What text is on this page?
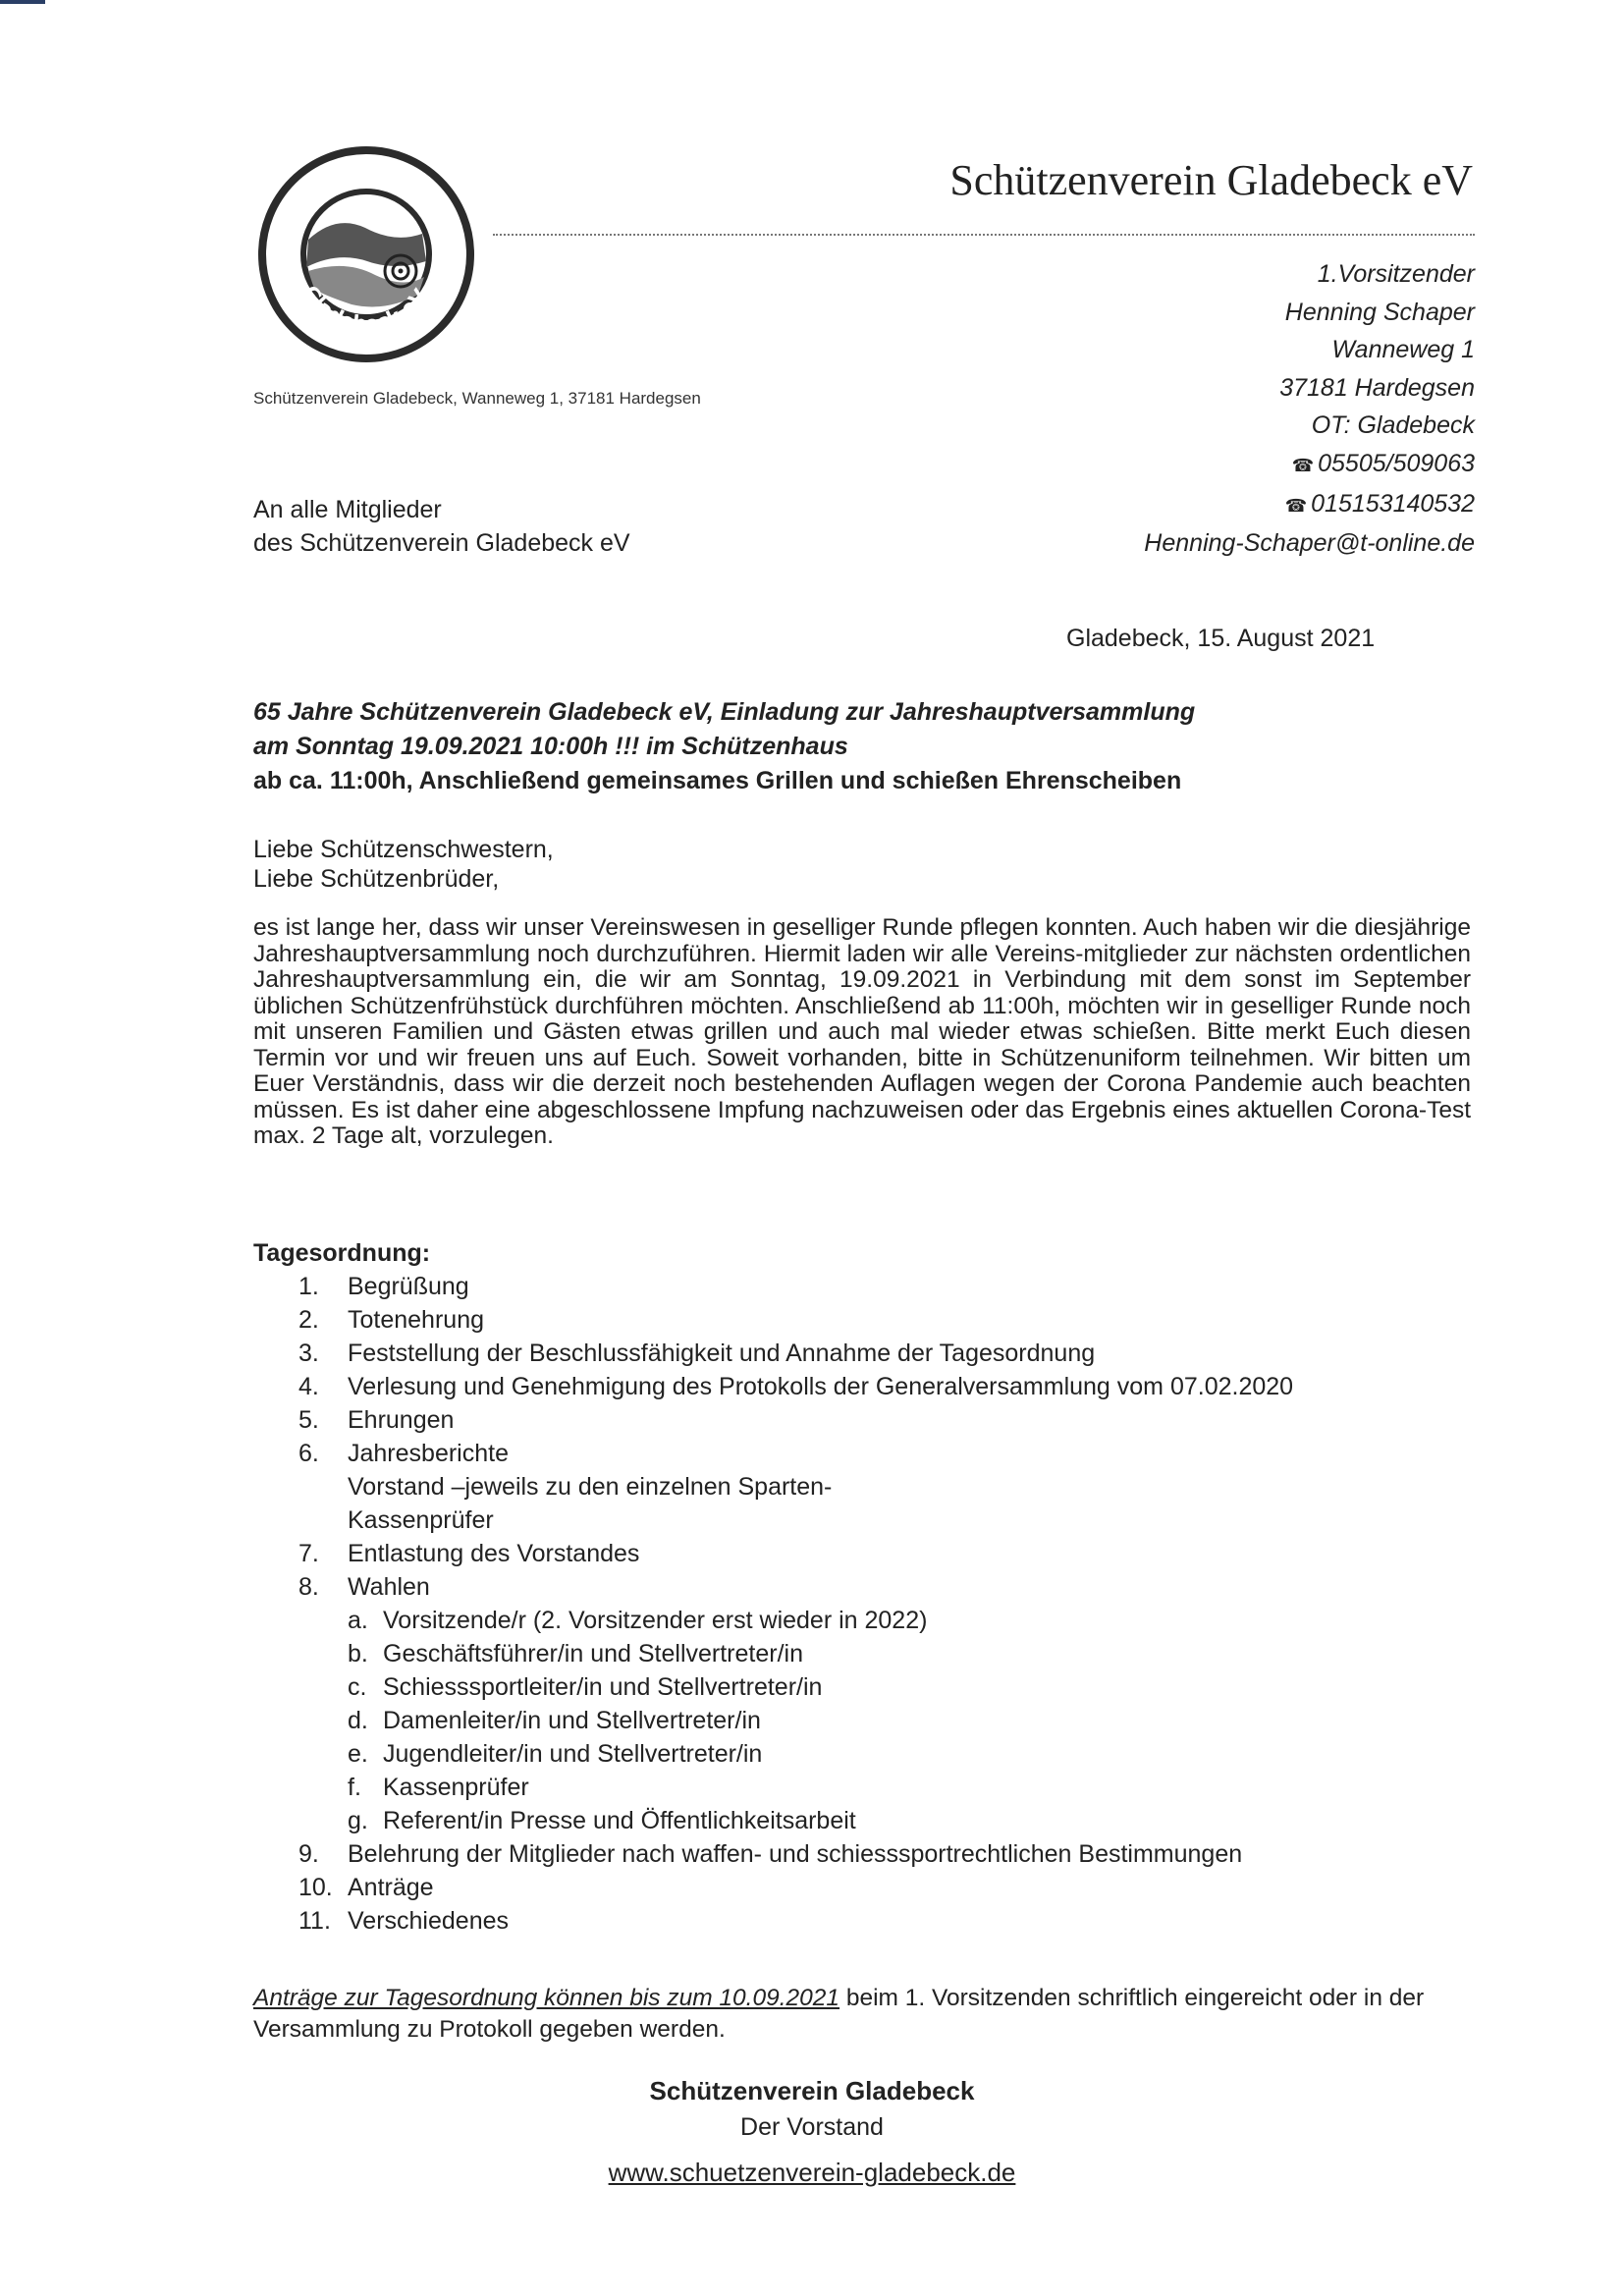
Schützenverein
Gladebeck eV.
Schützenverein Gladebeck eV
1.Vorsitzender
Henning Schaper
Wanneweg 1
37181 Hardegsen
OT: Gladebeck
☎ 05505/509063
☎ 015153140532
Henning-Schaper@t-online.de
Schützenverein Gladebeck, Wanneweg 1, 37181 Hardegsen
An alle Mitglieder
des Schützenverein Gladebeck eV
Gladebeck, 15. August 2021
65 Jahre Schützenverein Gladebeck eV, Einladung zur Jahreshauptversammlung
am Sonntag 19.09.2021 10:00h !!! im Schützenhaus
ab ca. 11:00h, Anschließend gemeinsames Grillen und schießen Ehrenscheiben
Liebe Schützenschwestern,
Liebe Schützenbrüder,
es ist lange her, dass wir unser Vereinswesen in geselliger Runde pflegen konnten. Auch haben wir die diesjährige Jahreshauptversammlung noch durchzuführen. Hiermit laden wir alle Vereins-mitglieder zur nächsten ordentlichen Jahreshauptversammlung ein, die wir am Sonntag, 19.09.2021 in Verbindung mit dem sonst im September üblichen Schützenfrühstück durchführen möchten. Anschließend ab 11:00h, möchten wir in geselliger Runde noch mit unseren Familien und Gästen etwas grillen und auch mal wieder etwas schießen. Bitte merkt Euch diesen Termin vor und wir freuen uns auf Euch. Soweit vorhanden, bitte in Schützenuniform teilnehmen. Wir bitten um Euer Verständnis, dass wir die derzeit noch bestehenden Auflagen wegen der Corona Pandemie auch beachten müssen. Es ist daher eine abgeschlossene Impfung nachzuweisen oder das Ergebnis eines aktuellen Corona-Test max. 2 Tage alt, vorzulegen.
Tagesordnung:
1.	Begrüßung
2.	Totenehrung
3.	Feststellung der Beschlussfähigkeit und Annahme der Tagesordnung
4.	Verlesung und Genehmigung des Protokolls der Generalversammlung vom 07.02.2020
5.	Ehrungen
6.	Jahresberichte
Vorstand –jeweils zu den einzelnen Sparten-
Kassenprüfer
7.	Entlastung des Vorstandes
8.	Wahlen
a. Vorsitzende/r (2. Vorsitzender erst wieder in 2022)
b. Geschäftsführer/in und Stellvertreter/in
c. Schiesssportleiter/in und Stellvertreter/in
d. Damenleiter/in und Stellvertreter/in
e. Jugendleiter/in und Stellvertreter/in
f. Kassenprüfer
g. Referent/in Presse und Öffentlichkeitsarbeit
9.	Belehrung der Mitglieder nach waffen- und schiesssportrechtlichen Bestimmungen
10. Anträge
11. Verschiedenes
Anträge zur Tagesordnung können bis zum 10.09.2021 beim 1. Vorsitzenden schriftlich eingereicht oder in der Versammlung zu Protokoll gegeben werden.
Schützenverein Gladebeck
Der Vorstand
www.schuetzenverein-gladebeck.de
